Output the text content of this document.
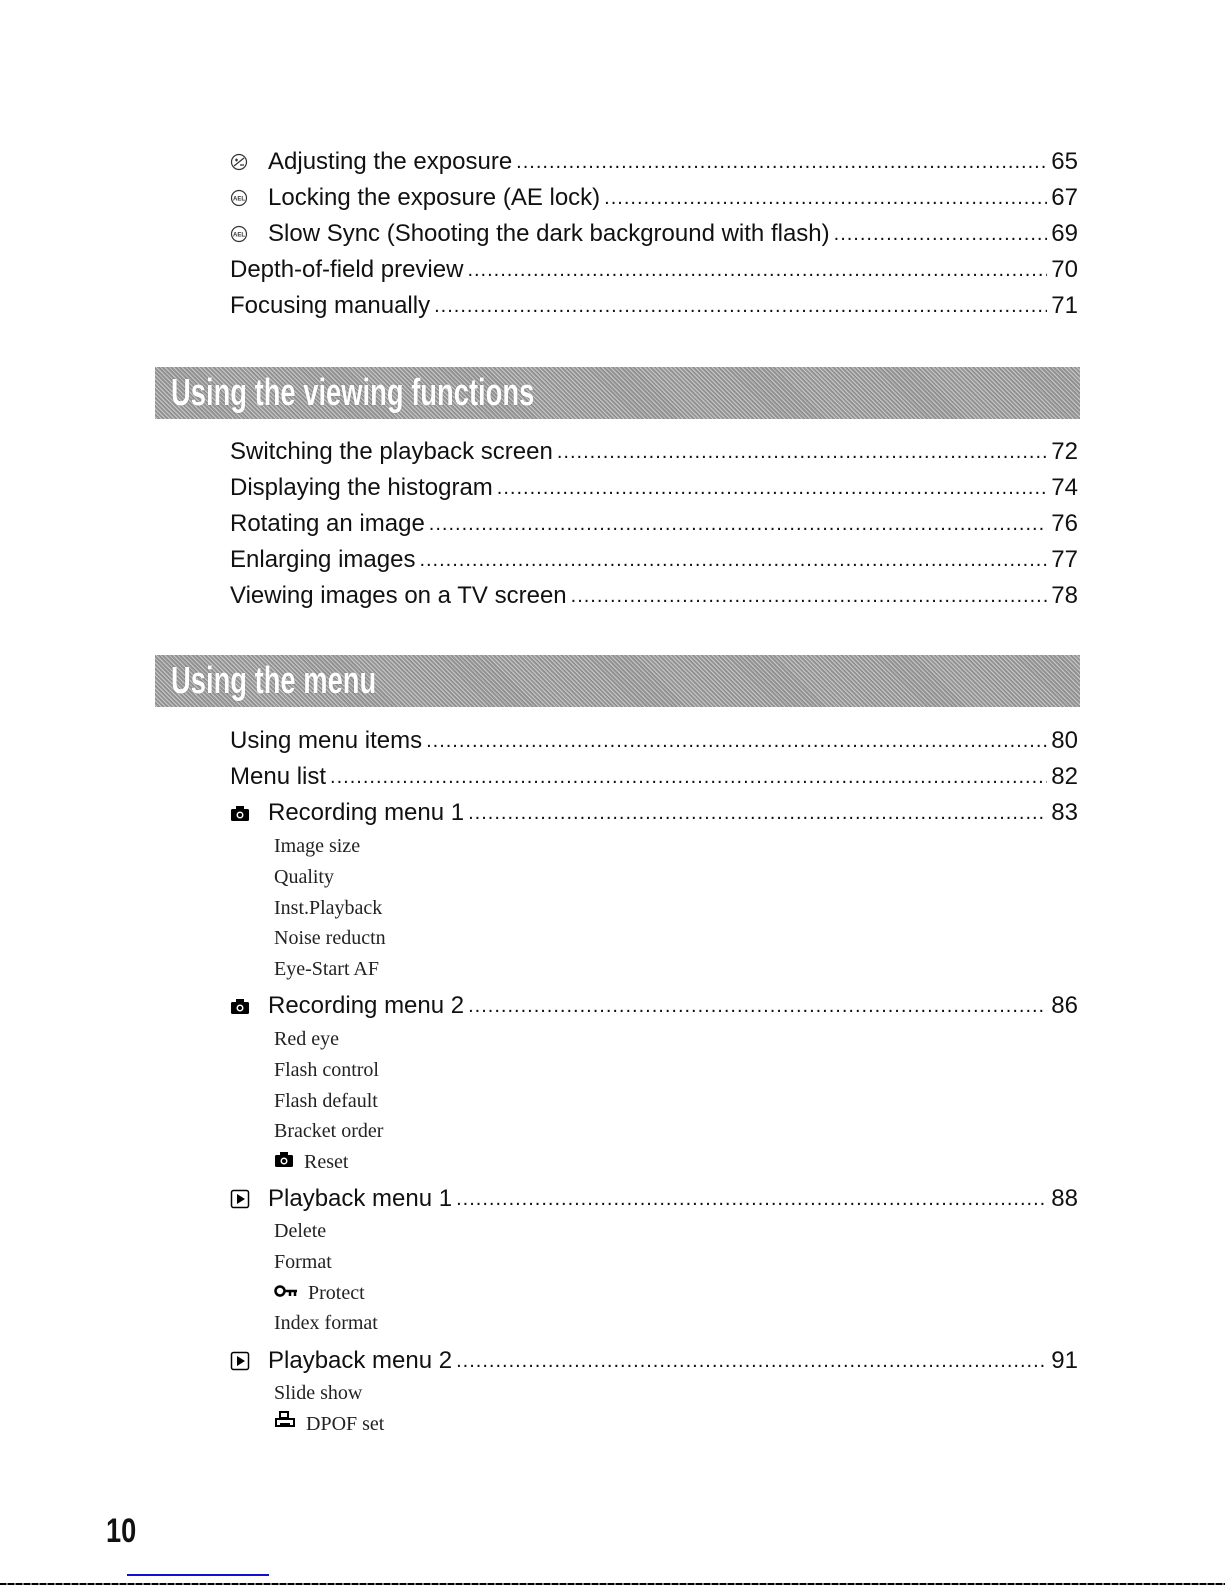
Adjusting the exposure .....	65
AEL Locking the exposure (AE lock) .....	67
AEL Slow Sync (Shooting the dark background with flash) .....	69
Depth-of-field preview .....	70
Focusing manually .....	71
Using the viewing functions
Switching the playback screen .....	72
Displaying the histogram .....	74
Rotating an image .....	76
Enlarging images .....	77
Viewing images on a TV screen .....	78
Using the menu
Using menu items .....	80
Menu list .....	82
Recording menu 1 .....	83
Image size
Quality
Inst.Playback
Noise reductn
Eye-Start AF
Recording menu 2 .....	86
Red eye
Flash control
Flash default
Bracket order
Reset
Playback menu 1 .....	88
Delete
Format
Protect
Index format
Playback menu 2 .....	91
Slide show
DPOF set
10
